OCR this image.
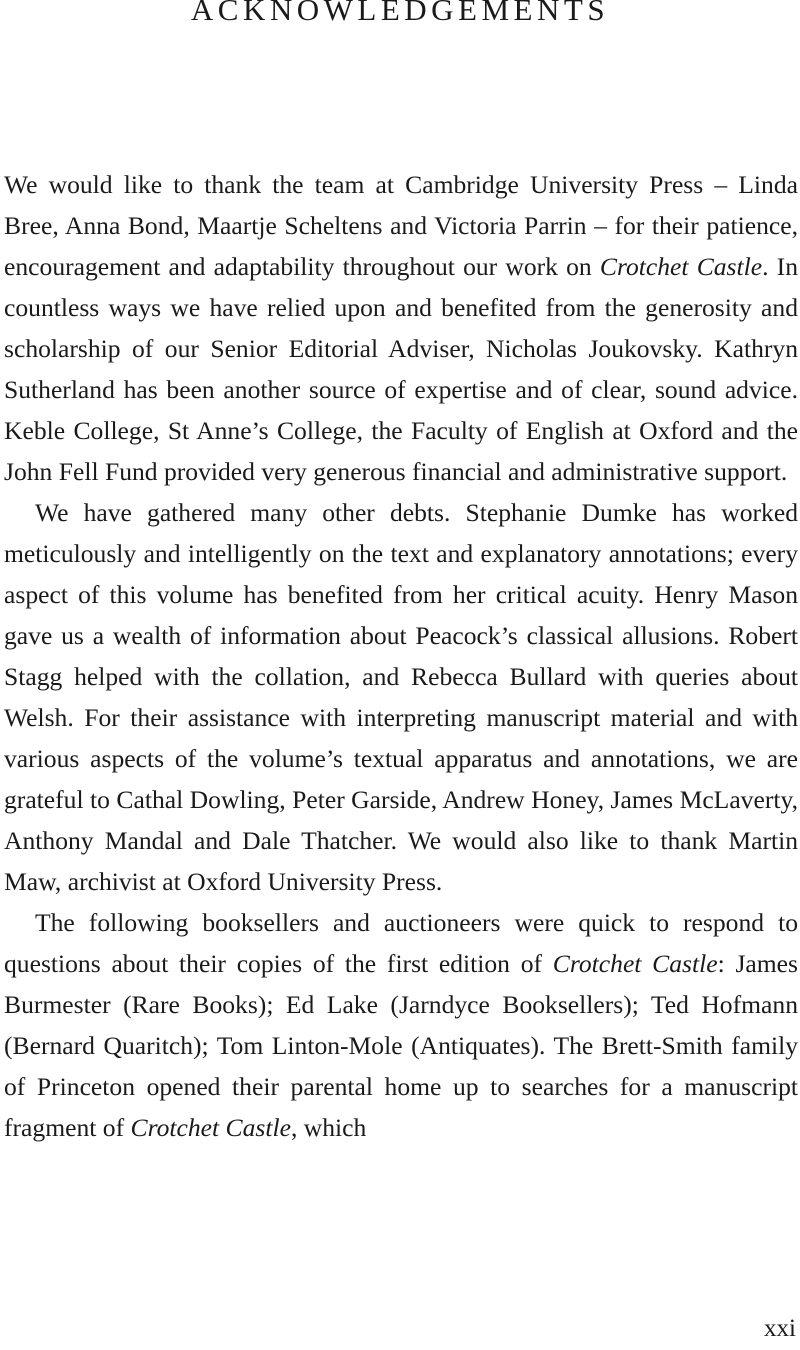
ACKNOWLEDGEMENTS

We would like to thank the team at Cambridge University Press – Linda Bree, Anna Bond, Maartje Scheltens and Victoria Parrin – for their patience, encouragement and adaptability throughout our work on Crotchet Castle. In countless ways we have relied upon and benefited from the generosity and scholarship of our Senior Editorial Adviser, Nicholas Joukovsky. Kathryn Sutherland has been another source of expertise and of clear, sound advice. Keble College, St Anne’s College, the Faculty of English at Oxford and the John Fell Fund provided very generous financial and administrative support.

We have gathered many other debts. Stephanie Dumke has worked meticulously and intelligently on the text and explanatory annotations; every aspect of this volume has benefited from her critical acuity. Henry Mason gave us a wealth of information about Peacock’s classical allusions. Robert Stagg helped with the collation, and Rebecca Bullard with queries about Welsh. For their assistance with interpreting manuscript material and with various aspects of the volume’s textual apparatus and annotations, we are grateful to Cathal Dowling, Peter Garside, Andrew Honey, James McLaverty, Anthony Mandal and Dale Thatcher. We would also like to thank Martin Maw, archivist at Oxford University Press.

The following booksellers and auctioneers were quick to respond to questions about their copies of the first edition of Crotchet Castle: James Burmester (Rare Books); Ed Lake (Jarndyce Booksellers); Ted Hofmann (Bernard Quaritch); Tom Linton-Mole (Antiquates). The Brett-Smith family of Princeton opened their parental home up to searches for a manuscript fragment of Crotchet Castle, which

xxi
